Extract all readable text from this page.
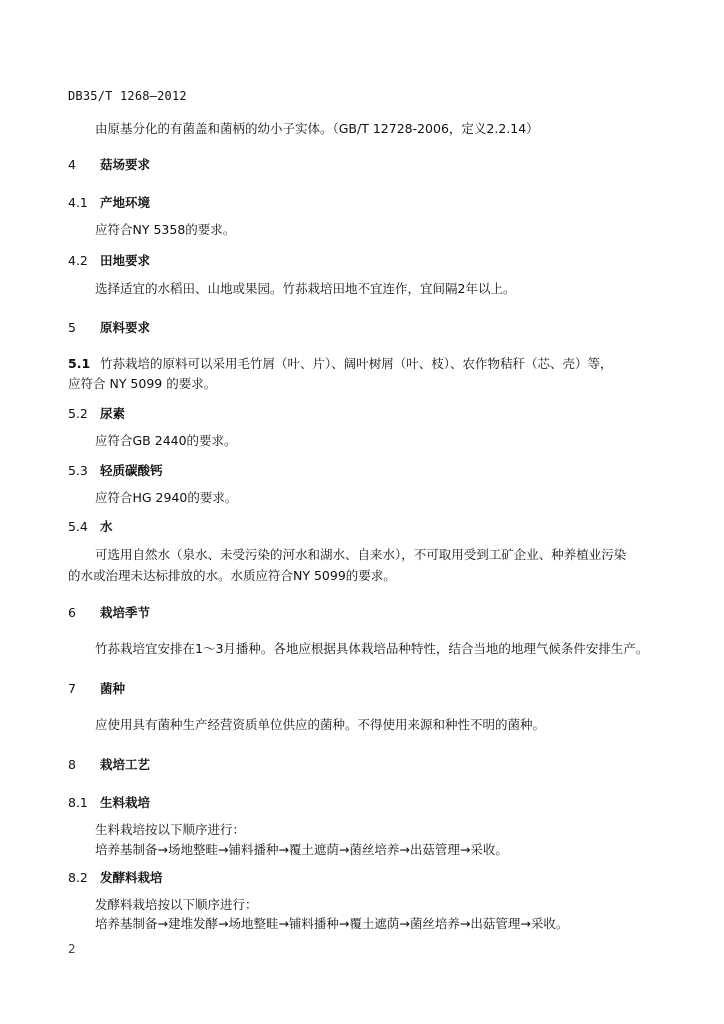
DB35/T 1268—2012
由原基分化的有菌盖和菌柄的幼小子实体。（GB/T 12728-2006，定义2.2.14）
4 菇场要求
4.1 产地环境
应符合NY 5358的要求。
4.2 田地要求
选择适宜的水稻田、山地或果园。竹荪栽培田地不宜连作，宜间隔2年以上。
5 原料要求
5.1 竹荪栽培的原料可以采用毛竹屑（叶、片）、阔叶树屑（叶、枝）、农作物秸秆（芯、壳）等，
应符合 NY 5099 的要求。
5.2 尿素
应符合GB 2440的要求。
5.3 轻质碳酸钙
应符合HG 2940的要求。
5.4 水
可选用自然水（泉水、未受污染的河水和湖水、自来水），不可取用受到工矿企业、种养植业污染
的水或治理未达标排放的水。水质应符合NY 5099的要求。
6 栽培季节
竹荪栽培宜安排在1～3月播种。各地应根据具体栽培品种特性，结合当地的地理气候条件安排生产。
7 菌种
应使用具有菌种生产经营资质单位供应的菌种。不得使用来源和种性不明的菌种。
8 栽培工艺
8.1 生料栽培
生料栽培按以下顺序进行：
培养基制备→场地整畦→铺料播种→覆土遮荫→菌丝培养→出菇管理→采收。
8.2 发酵料栽培
发酵料栽培按以下顺序进行：
培养基制备→建堆发酵→场地整畦→铺料播种→覆土遮荫→菌丝培养→出菇管理→采收。
2
